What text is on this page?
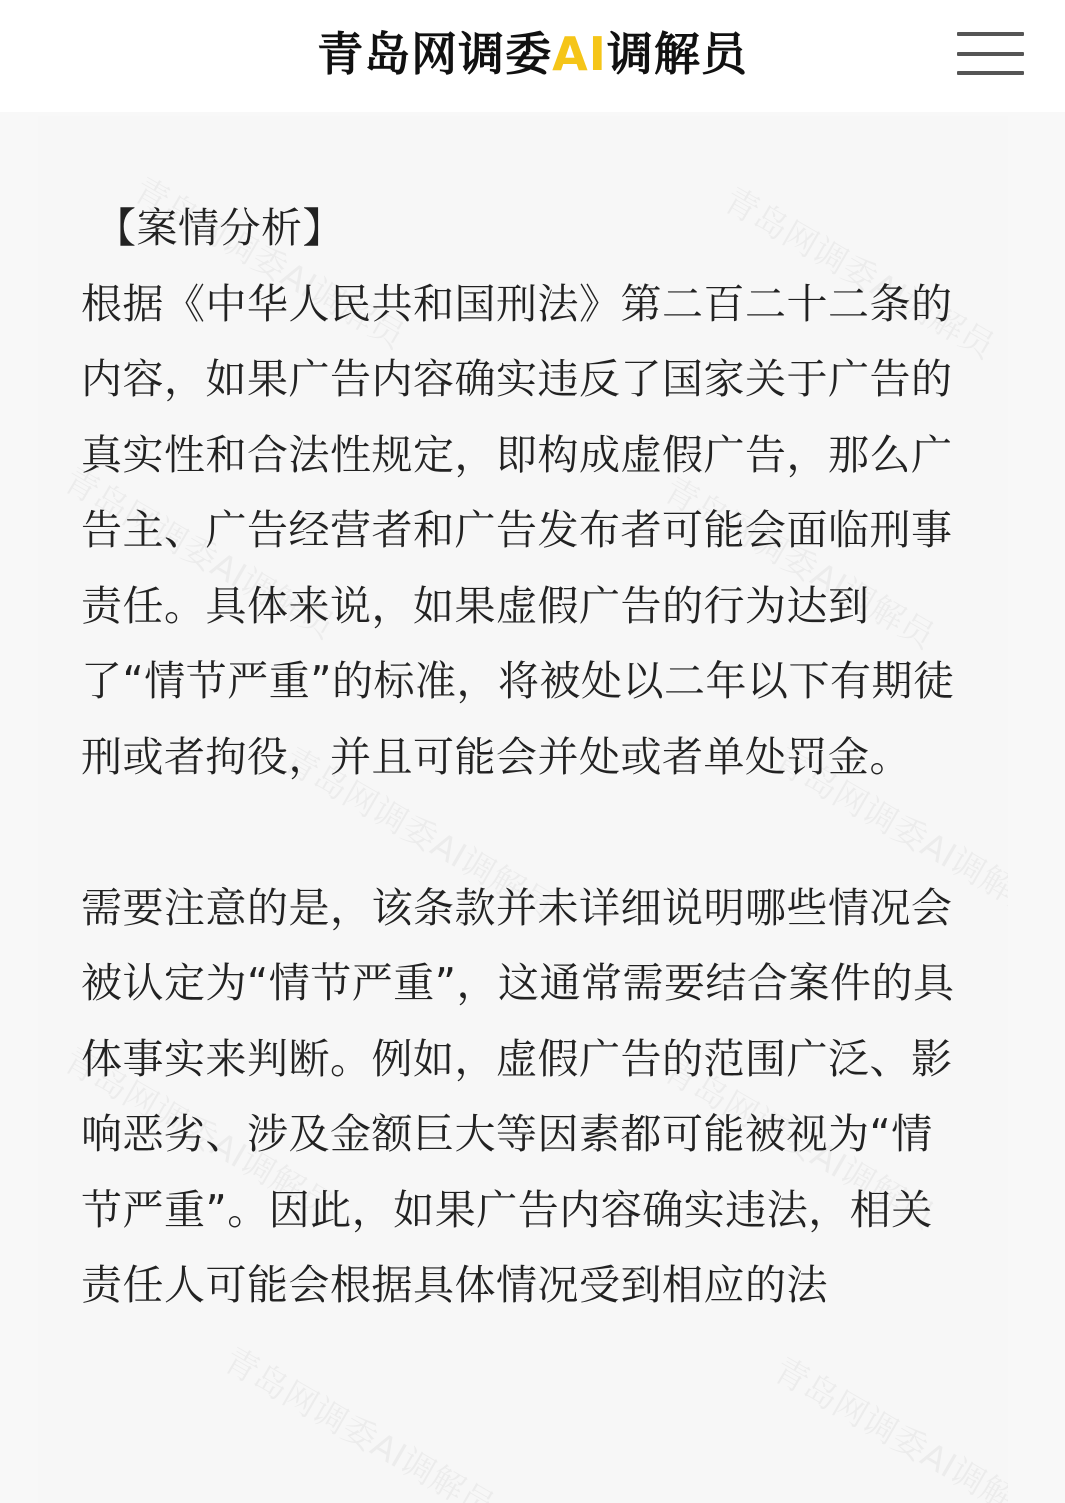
青岛网调委AI调解员

【案情分析】

根据《中华人民共和国刑法》第二百二十二条的内容，如果广告内容确实违反了国家关于广告的真实性和合法性规定，即构成虚假广告，那么广告主、广告经营者和广告发布者可能会面临刑事责任。具体来说，如果虚假广告的行为达到了“情节严重”的标准，将被处以二年以下有期徒刑或者拘役，并且可能会并处或者单处罚金。

需要注意的是，该条款并未详细说明哪些情况会被认定为“情节严重”，这通常需要结合案件的具体事实来判断。例如，虚假广告的范围广泛、影响恶劣、涉及金额巨大等因素都可能被视为“情节严重”。因此，如果广告内容确实违法，相关责任人可能会根据具体情况受到相应的法
